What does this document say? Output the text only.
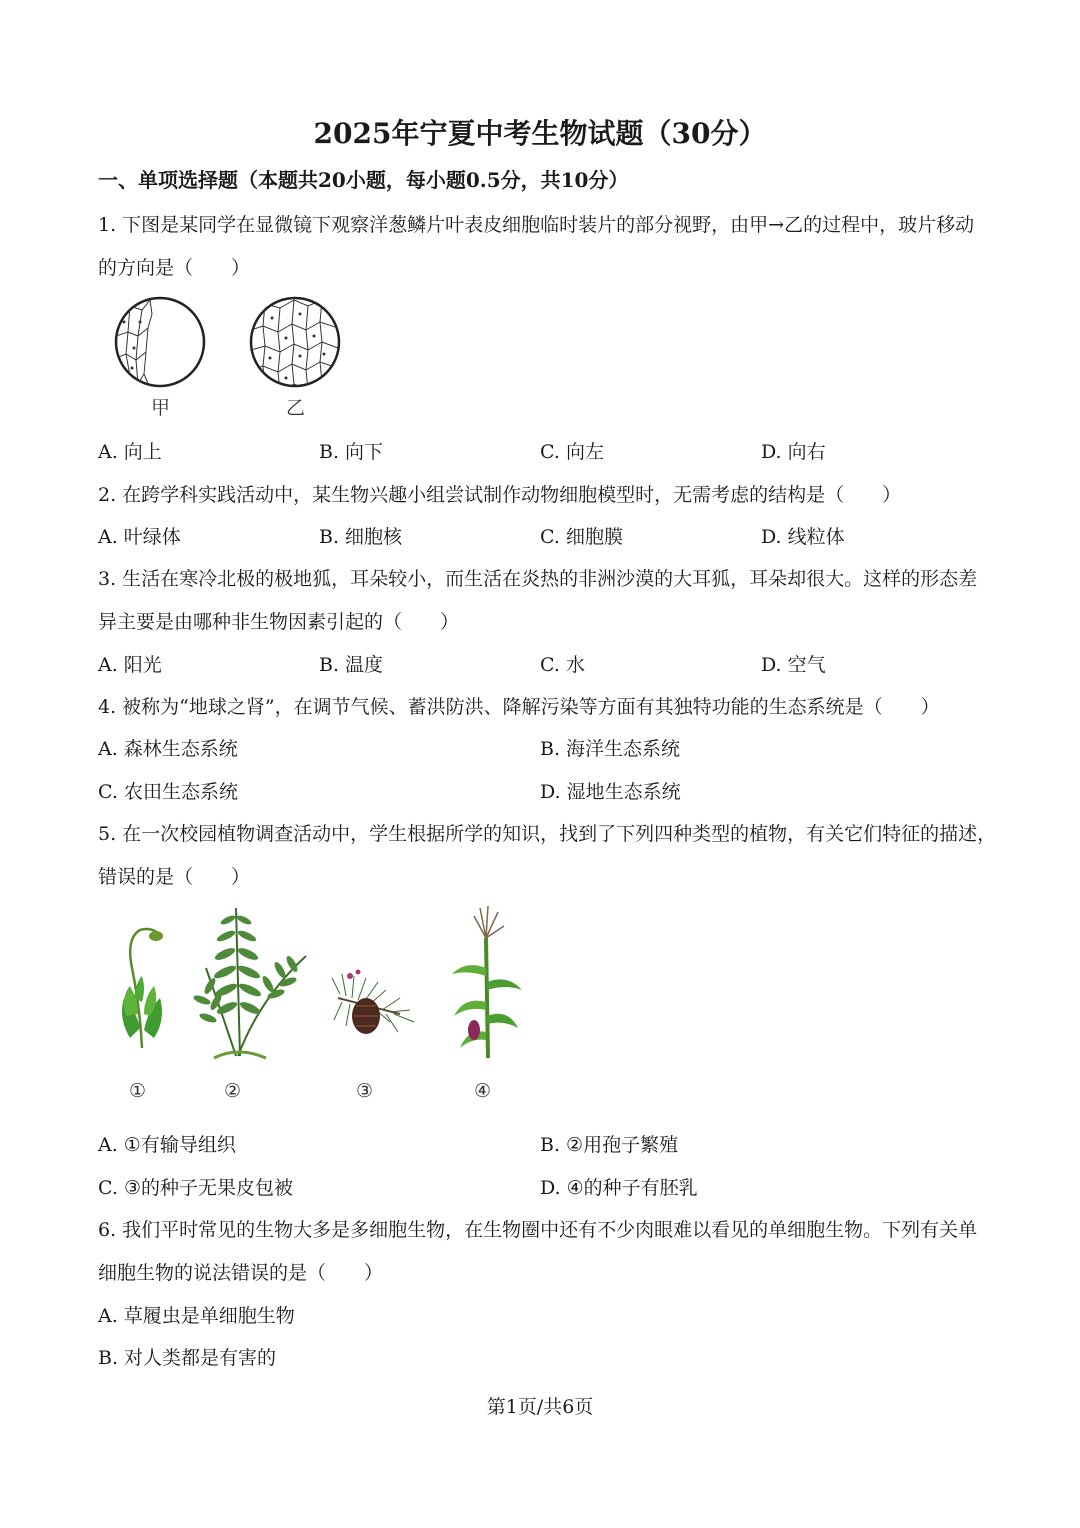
2025年宁夏中考生物试题（30分）
一、单项选择题（本题共20小题，每小题0.5分，共10分）
1. 下图是某同学在显微镜下观察洋葱鳞片叶表皮细胞临时装片的部分视野，由甲→乙的过程中，玻片移动
的方向是（　　）
甲	乙
A. 向上	B. 向下	C. 向左	D. 向右
2. 在跨学科实践活动中，某生物兴趣小组尝试制作动物细胞模型时，无需考虑的结构是（　　）
A. 叶绿体	B. 细胞核	C. 细胞膜	D. 线粒体
3. 生活在寒冷北极的极地狐，耳朵较小，而生活在炎热的非洲沙漠的大耳狐，耳朵却很大。这样的形态差
异主要是由哪种非生物因素引起的（　　）
A. 阳光	B. 温度	C. 水	D. 空气
4. 被称为“地球之肾”，在调节气候、蓄洪防洪、降解污染等方面有其独特功能的生态系统是（　　）
A. 森林生态系统	B. 海洋生态系统
C. 农田生态系统	D. 湿地生态系统
5. 在一次校园植物调查活动中，学生根据所学的知识，找到了下列四种类型的植物，有关它们特征的描述，
错误的是（　　）
①	②	③	④
A. ①有输导组织	B. ②用孢子繁殖
C. ③的种子无果皮包被	D. ④的种子有胚乳
6. 我们平时常见的生物大多是多细胞生物，在生物圈中还有不少肉眼难以看见的单细胞生物。下列有关单
细胞生物的说法错误的是（　　）
A. 草履虫是单细胞生物
B. 对人类都是有害的
第1页/共6页
